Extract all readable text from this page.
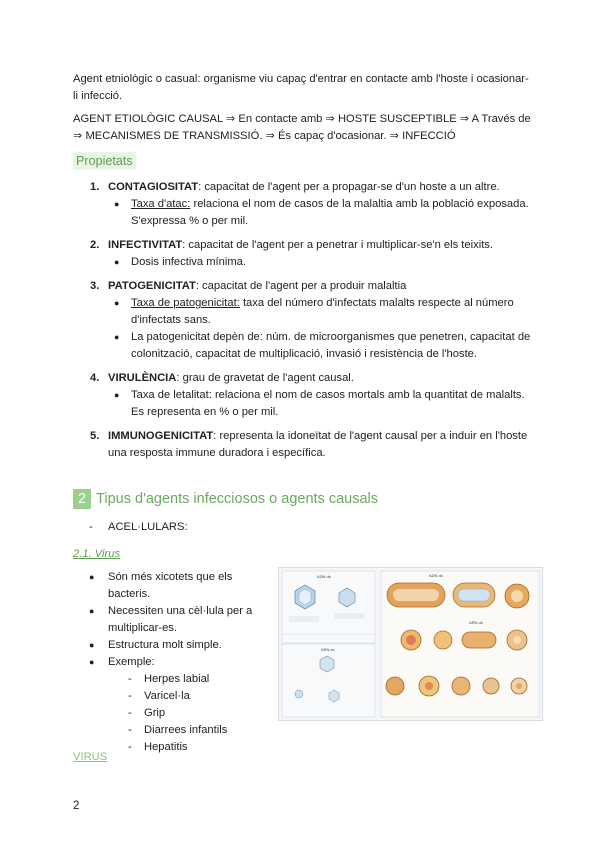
Agent etniològic o casual: organisme viu capaç d'entrar en contacte amb l'hoste i ocasionar-li infecció.

AGENT ETIOLÒGIC CAUSAL ⇒ En contacte amb ⇒ HOSTE SUSCEPTIBLE ⇒ A Través de ⇒ MECANISMES DE TRANSMISSIÓ. ⇒ És capaç d'ocasionar. ⇒ INFECCIÓ

Propietats
1. CONTAGIOSITAT: capacitat de l'agent per a propagar-se d'un hoste a un altre.
● Taxa d'atac: relaciona el nom de casos de la malaltia amb la població exposada.
S'expressa % o per mil.
2. INFECTIVITAT: capacitat de l'agent per a penetrar i multiplicar-se'n els teixits.
● Dosis infectiva mínima.
3. PATOGENICITAT: capacitat de l'agent per a produir malaltia
● Taxa de patogenicitat: taxa del número d'infectats malalts respecte al número d'infectats sans.
● La patogenicitat depèn de: núm. de microorganismes que penetren, capacitat de colonització, capacitat de multiplicació, invasió i resistència de l'hoste.
4. VIRULÈNCIA: grau de gravetat de l'agent causal.
● Taxa de letalitat: relaciona el nom de casos mortals amb la quantitat de malalts. Es representa en % o per mil.
5. IMMUNOGENICITAT: representa la idoneïtat de l'agent causal per a induir en l'hoste una resposta immune duradora i específica.
2 Tipus d'agents infecciosos o agents causals
- ACEL·LULARS:
2.1. Virus
● Són més xicotets que els bacteris.
● Necessiten una cèl·lula per a multiplicar-es.
● Estructura molt simple.
● Exemple:
- Herpes labial
- Varicel·la
- Grip
- Diarrees infantils
- Hepatitis
ADN ds
ARN ss
ADN ds
ARN ds
VIRUS
2
